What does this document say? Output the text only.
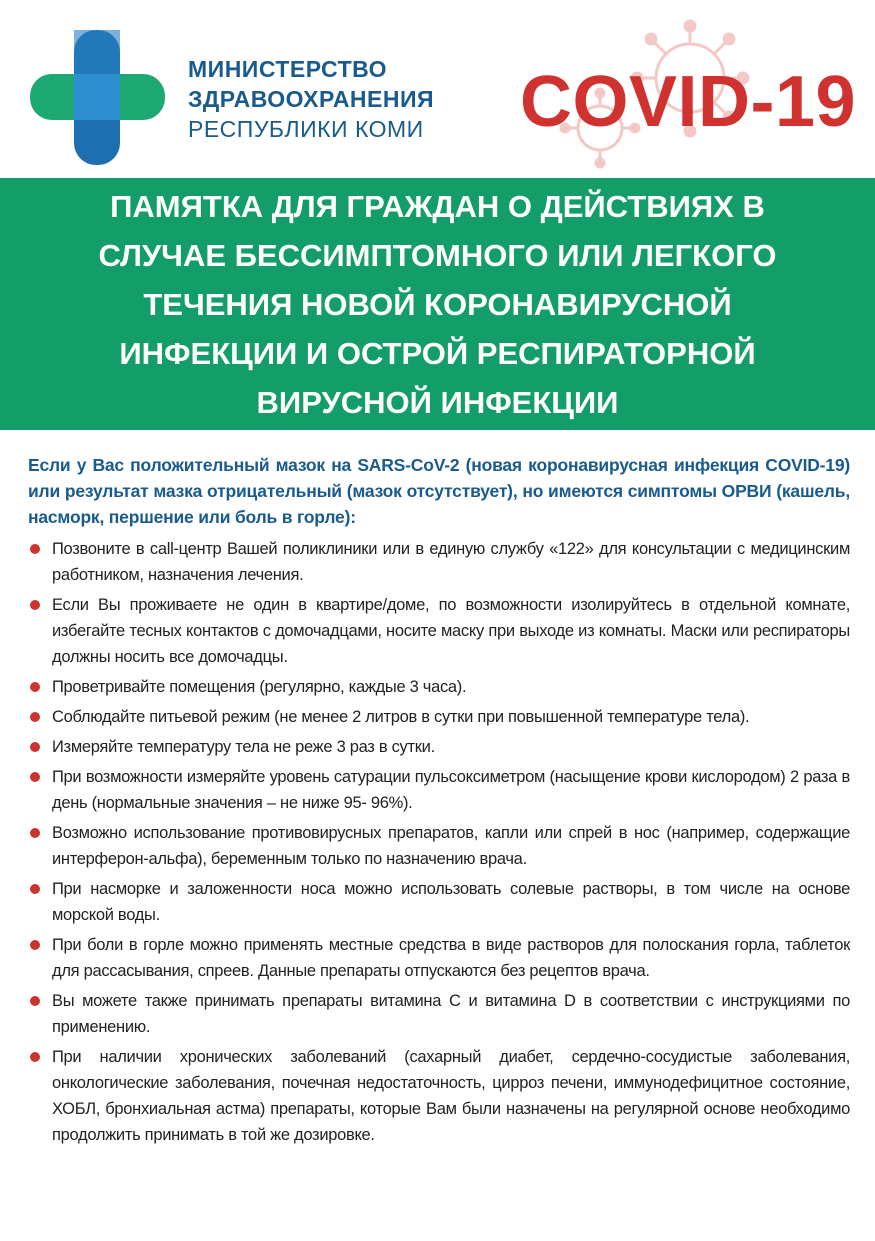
МИНИСТЕРСТВО
ЗДРАВООХРАНЕНИЯ
РЕСПУБЛИКИ КОМИ COVID-19
ПАМЯТКА ДЛЯ ГРАЖДАН О ДЕЙСТВИЯХ В
СЛУЧАЕ БЕССИМПТОМНОГО ИЛИ ЛЕГКОГО
ТЕЧЕНИЯ НОВОЙ КОРОНАВИРУСНОЙ
ИНФЕКЦИИ И ОСТРОЙ РЕСПИРАТОРНОЙ
ВИРУСНОЙ ИНФЕКЦИИ

Если у Вас положительный мазок на SARS-CoV-2 (новая коронавирусная инфекция COVID-19) или результат мазка отрицательный (мазок отсутствует), но имеются симптомы ОРВИ (кашель, насморк, першение или боль в горле):

Позвоните в call-центр Вашей поликлиники или в единую службу «122» для консультации с медицинским работником, назначения лечения.
Если Вы проживаете не один в квартире/доме, по возможности изолируйтесь в отдельной комнате, избегайте тесных контактов с домочадцами, носите маску при выходе из комнаты. Маски или респираторы должны носить все домочадцы.
Проветривайте помещения (регулярно, каждые 3 часа).
Соблюдайте питьевой режим (не менее 2 литров в сутки при повышенной температуре тела).
Измеряйте температуру тела не реже 3 раз в сутки.
При возможности измеряйте уровень сатурации пульсоксиметром (насыщение крови кислородом) 2 раза в день (нормальные значения – не ниже 95- 96%).
Возможно использование противовирусных препаратов, капли или спрей в нос (например, содержащие интерферон-альфа), беременным только по назначению врача.
При насморке и заложенности носа можно использовать солевые растворы, в том числе на основе морской воды.
При боли в горле можно применять местные средства в виде растворов для полоскания горла, таблеток для рассасывания, спреев. Данные препараты отпускаются без рецептов врача.
Вы можете также принимать препараты витамина С и витамина D в соответствии с инструкциями по применению.
При наличии хронических заболеваний (сахарный диабет, сердечно-сосудистые заболевания, онкологические заболевания, почечная недостаточность, цирроз печени, иммунодефицитное состояние, ХОБЛ, бронхиальная астма) препараты, которые Вам были назначены на регулярной основе необходимо продолжить принимать в той же дозировке.
